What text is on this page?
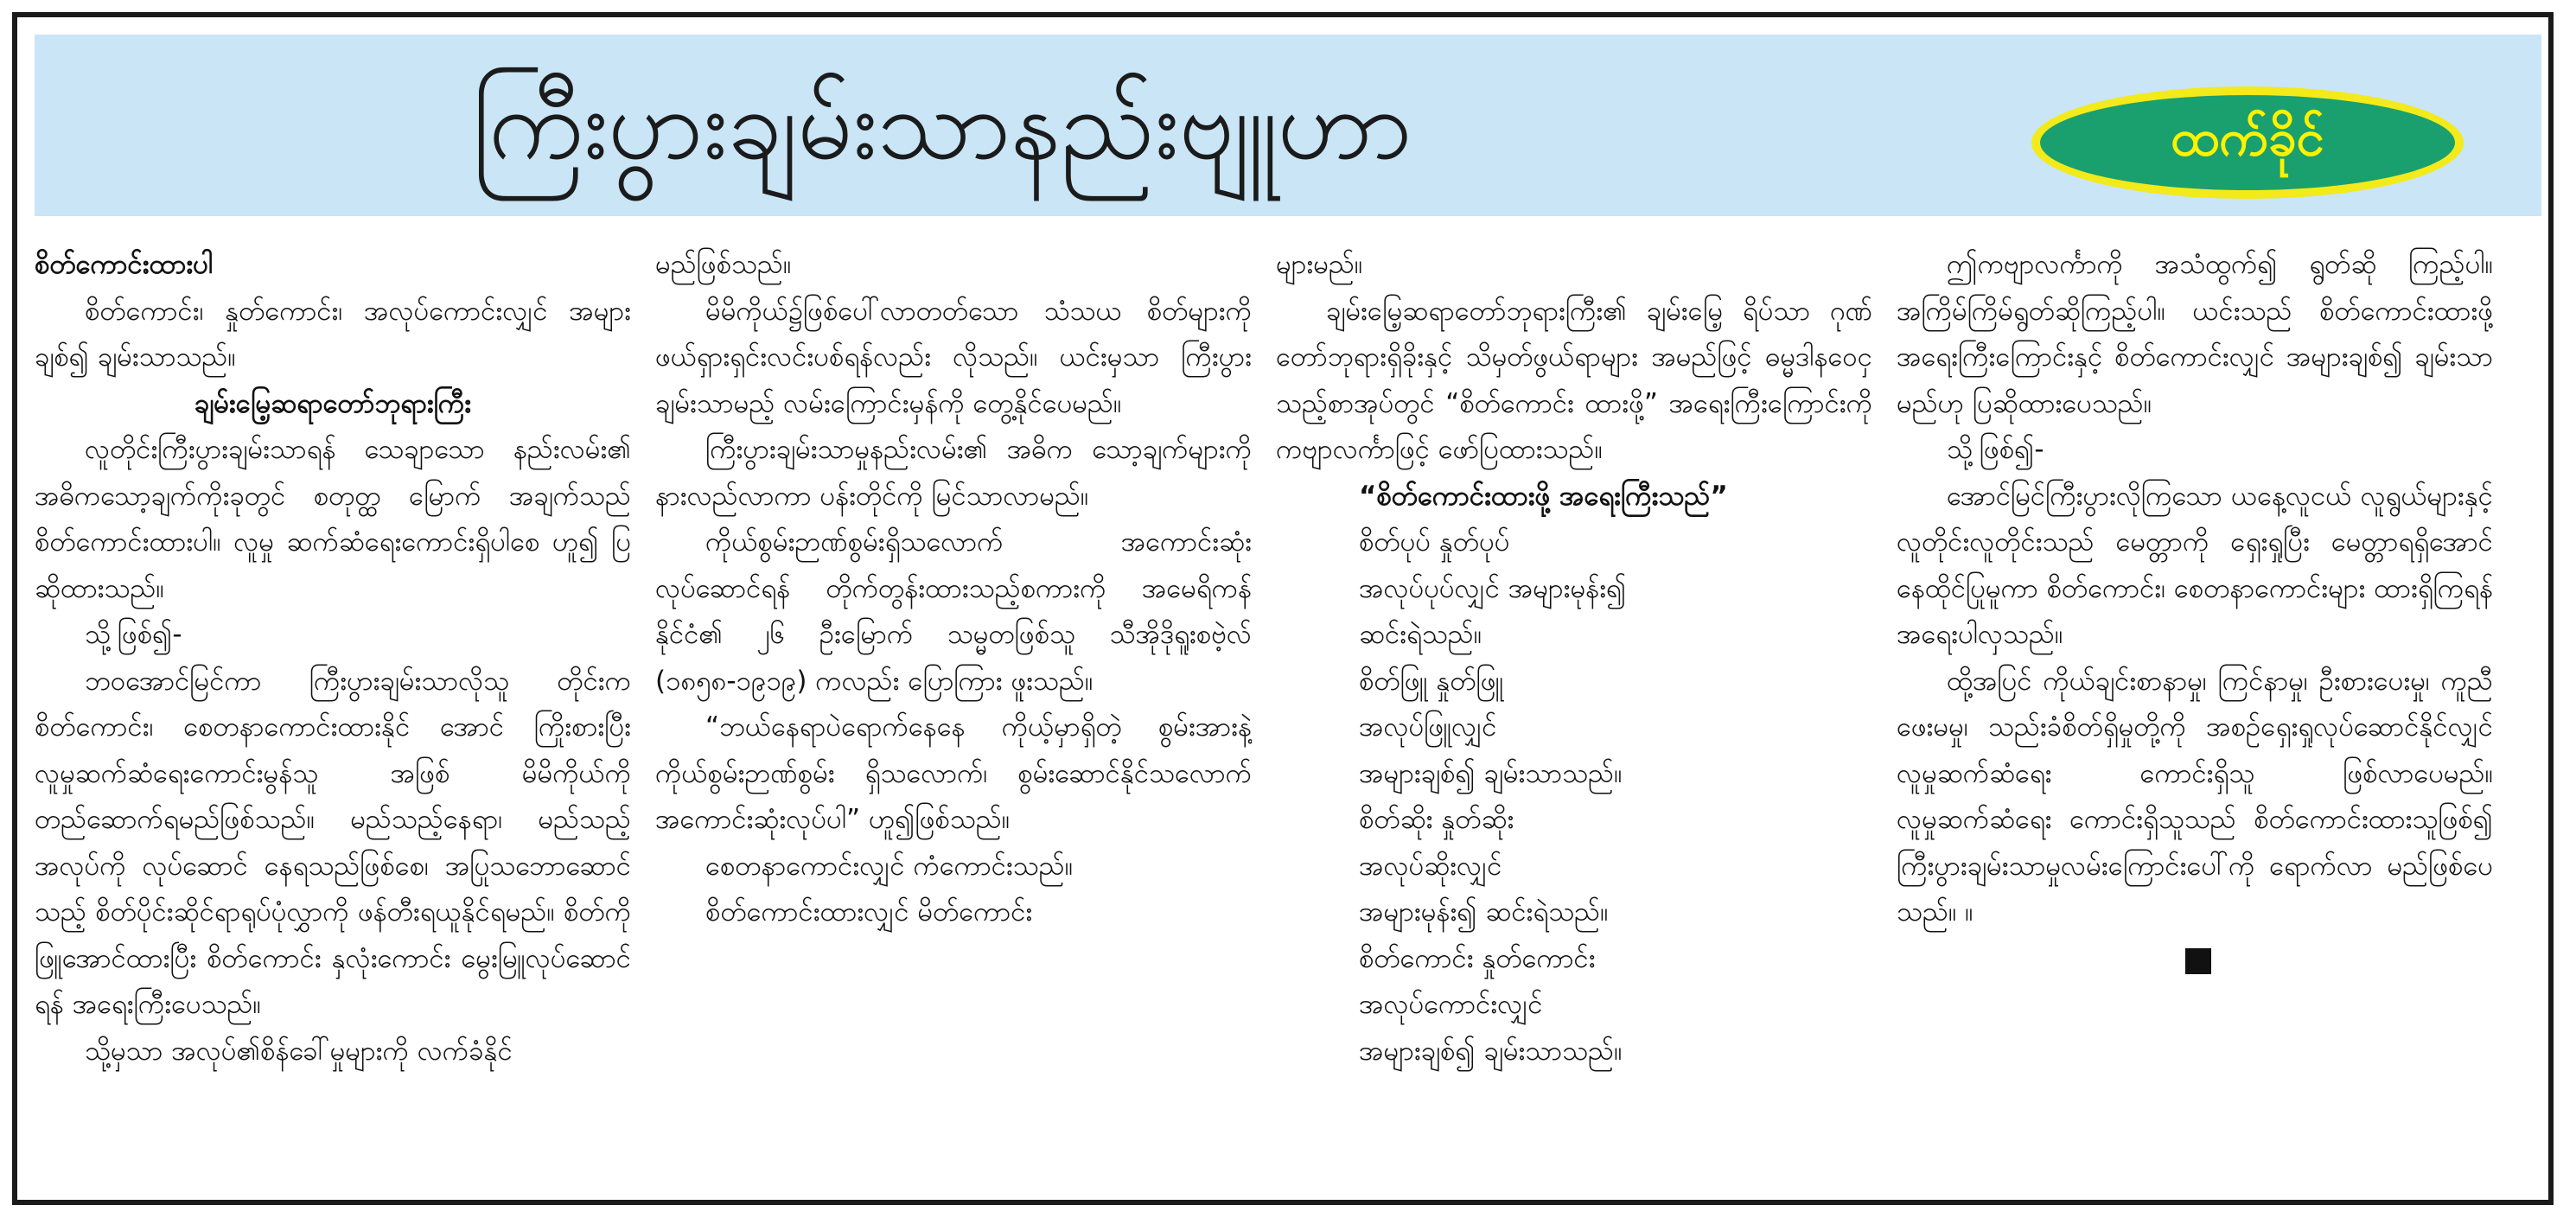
ကြီးပွားချမ်းသာနည်းဗျူဟာ	ထက်ခိုင်

စိတ်ကောင်းထားပါ

စိတ်ကောင်း၊ နှုတ်ကောင်း၊ အလုပ်ကောင်းလျှင် အများချစ်၍ ချမ်းသာသည်။

ချမ်းမြေ့ဆရာတော်ဘုရားကြီး

လူတိုင်းကြီးပွားချမ်းသာရန် သေချာသော နည်းလမ်း၏ အဓိကသော့ချက်ကိုးခုတွင် စတုတ္ထ မြောက် အချက်သည် စိတ်ကောင်းထားပါ။ လူမှု ဆက်ဆံရေးကောင်းရှိပါစေ ဟူ၍ ပြဆိုထားသည်။

သို့ဖြစ်၍-

ဘဝအောင်မြင်ကာ ကြီးပွားချမ်းသာလိုသူ တိုင်းက စိတ်ကောင်း၊ စေတနာကောင်းထားနိုင် အောင် ကြိုးစားပြီး လူမှုဆက်ဆံရေးကောင်းမွန်သူ အဖြစ် မိမိကိုယ်ကို တည်ဆောက်ရမည်ဖြစ်သည်။ မည်သည့်နေရာ၊ မည်သည့်အလုပ်ကို လုပ်ဆောင် နေရသည်ဖြစ်စေ၊ အပြုသဘောဆောင်သည့် စိတ်ပိုင်းဆိုင်ရာရုပ်ပုံလွှာကို ဖန်တီးရယူနိုင်ရမည်။ စိတ်ကိုဖြူအောင်ထားပြီး စိတ်ကောင်း နှလုံးကောင်း မွေးမြူလုပ်ဆောင်ရန် အရေးကြီးပေသည်။

သို့မှသာ အလုပ်၏စိန်ခေါ်မှုများကို လက်ခံနိုင်

မည်ဖြစ်သည်။

မိမိကိုယ်၌ဖြစ်ပေါ်လာတတ်သော သံသယ စိတ်များကို ဖယ်ရှားရှင်းလင်းပစ်ရန်လည်း လိုသည်။ ယင်းမှသာ ကြီးပွားချမ်းသာမည့် လမ်းကြောင်းမှန်ကို တွေ့နိုင်ပေမည်။

ကြီးပွားချမ်းသာမှုနည်းလမ်း၏ အဓိက သော့ချက်များကို နားလည်လာကာ ပန်းတိုင်ကို မြင်သာလာမည်။

ကိုယ်စွမ်းဉာဏ်စွမ်းရှိသလောက် အကောင်းဆုံး လုပ်ဆောင်ရန် တိုက်တွန်းထားသည့်စကားကို အမေရိကန်နိုင်ငံ၏ ၂၆ ဦးမြောက် သမ္မတဖြစ်သူ သီအိုဒိုရူးစဗဲ့လ် (၁၈၅၈-၁၉၁၉) ကလည်း ပြောကြား ဖူးသည်။

“ဘယ်နေရာပဲရောက်နေနေ ကိုယ့်မှာရှိတဲ့ စွမ်းအားနဲ့ ကိုယ်စွမ်းဉာဏ်စွမ်း ရှိသလောက်၊ စွမ်းဆောင်နိုင်သလောက် အကောင်းဆုံးလုပ်ပါ” ဟူ၍ဖြစ်သည်။

စေတနာကောင်းလျှင် ကံကောင်းသည်။

စိတ်ကောင်းထားလျှင် မိတ်ကောင်း

များမည်။

ချမ်းမြေ့ဆရာတော်ဘုရားကြီး၏ ချမ်းမြေ့ ရိပ်သာ ဂုဏ်တော်ဘုရားရှိခိုးနှင့် သိမှတ်ဖွယ်ရာများ အမည်ဖြင့် ဓမ္မဒါနဝေငှသည့်စာအုပ်တွင် “စိတ်ကောင်း ထားဖို့” အရေးကြီးကြောင်းကို ကဗျာလင်္ကာဖြင့် ဖော်ပြထားသည်။

“စိတ်ကောင်းထားဖို့ အရေးကြီးသည်”

စိတ်ပုပ် နှုတ်ပုပ်

အလုပ်ပုပ်လျှင် အများမုန်း၍

ဆင်းရဲသည်။

စိတ်ဖြူ နှုတ်ဖြူ

အလုပ်ဖြူလျှင်

အများချစ်၍ ချမ်းသာသည်။

စိတ်ဆိုး နှုတ်ဆိုး

အလုပ်ဆိုးလျှင်

အများမုန်း၍ ဆင်းရဲသည်။

စိတ်ကောင်း နှုတ်ကောင်း

အလုပ်ကောင်းလျှင်

အများချစ်၍ ချမ်းသာသည်။

ဤကဗျာလင်္ကာကို အသံထွက်၍ ရွတ်ဆို ကြည့်ပါ။ အကြိမ်ကြိမ်ရွတ်ဆိုကြည့်ပါ။ ယင်းသည် စိတ်ကောင်းထားဖို့ အရေးကြီးကြောင်းနှင့် စိတ်ကောင်းလျှင် အများချစ်၍ ချမ်းသာမည်ဟု ပြဆိုထားပေသည်။

သို့ဖြစ်၍-

အောင်မြင်ကြီးပွားလိုကြသော ယနေ့လူငယ် လူရွယ်များနှင့် လူတိုင်းလူတိုင်းသည် မေတ္တာကို ရှေးရှုပြီး မေတ္တာရရှိအောင် နေထိုင်ပြုမူကာ စိတ်ကောင်း၊ စေတနာကောင်းများ ထားရှိကြရန် အရေးပါလှသည်။

ထို့အပြင် ကိုယ်ချင်းစာနာမှု၊ ကြင်နာမှု၊ ဦးစားပေးမှု၊ ကူညီဖေးမမှု၊ သည်းခံစိတ်ရှိမှုတို့ကို အစဉ်ရှေးရှုလုပ်ဆောင်နိုင်လျှင် လူမှုဆက်ဆံရေး ကောင်းရှိသူ ဖြစ်လာပေမည်။ လူမှုဆက်ဆံရေး ကောင်းရှိသူသည် စိတ်ကောင်းထားသူဖြစ်၍ ကြီးပွားချမ်းသာမှုလမ်းကြောင်းပေါ်ကို ရောက်လာ မည်ဖြစ်ပေသည်။ ။
